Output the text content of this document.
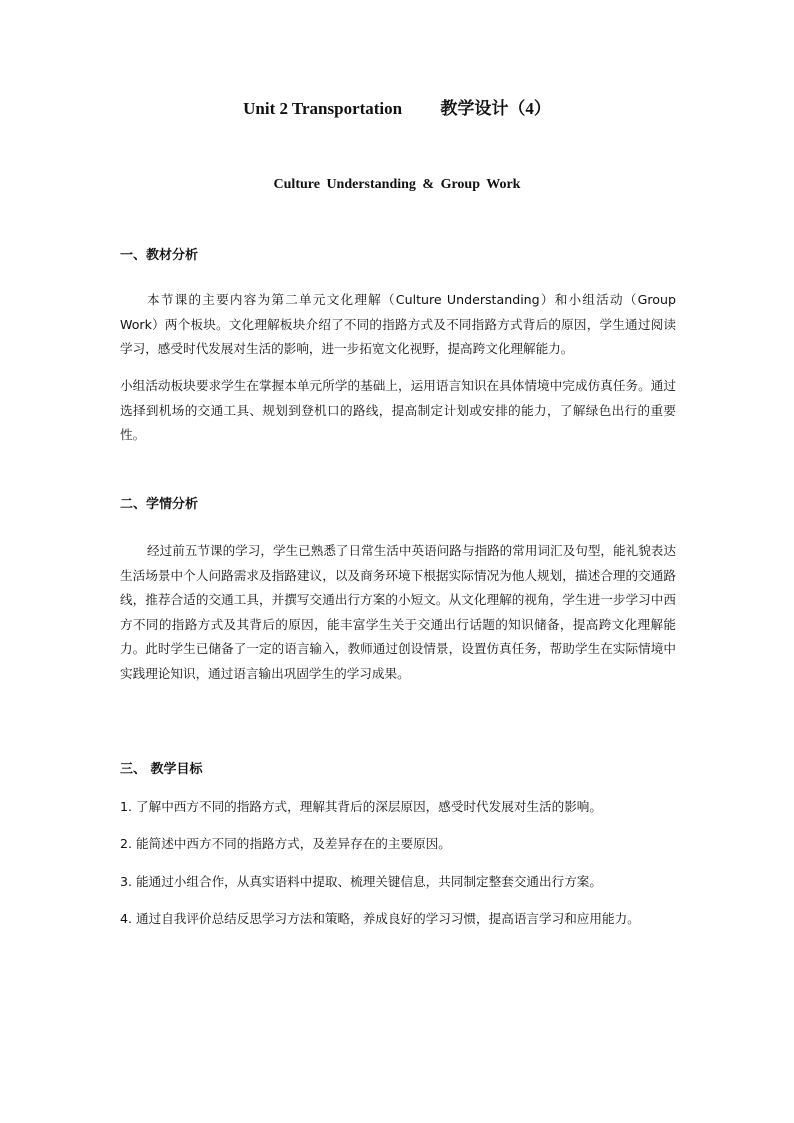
Unit 2 Transportation         教学设计（4）
Culture Understanding & Group Work
一、教材分析
本节课的主要内容为第二单元文化理解（Culture Understanding）和小组活动（Group Work）两个板块。文化理解板块介绍了不同的指路方式及不同指路方式背后的原因，学生通过阅读学习，感受时代发展对生活的影响，进一步拓宽文化视野，提高跨文化理解能力。
小组活动板块要求学生在掌握本单元所学的基础上，运用语言知识在具体情境中完成仿真任务。通过选择到机场的交通工具、规划到登机口的路线，提高制定计划或安排的能力，了解绿色出行的重要性。
二、学情分析
经过前五节课的学习，学生已熟悉了日常生活中英语问路与指路的常用词汇及句型，能礼貌表达生活场景中个人问路需求及指路建议，以及商务环境下根据实际情况为他人规划，描述合理的交通路线，推荐合适的交通工具，并撰写交通出行方案的小短文。从文化理解的视角，学生进一步学习中西方不同的指路方式及其背后的原因，能丰富学生关于交通出行话题的知识储备，提高跨文化理解能力。此时学生已储备了一定的语言输入，教师通过创设情景，设置仿真任务，帮助学生在实际情境中实践理论知识，通过语言输出巩固学生的学习成果。
三、 教学目标
1. 了解中西方不同的指路方式，理解其背后的深层原因，感受时代发展对生活的影响。
2. 能简述中西方不同的指路方式，及差异存在的主要原因。
3. 能通过小组合作，从真实语料中提取、梳理关键信息，共同制定整套交通出行方案。
4. 通过自我评价总结反思学习方法和策略，养成良好的学习习惯，提高语言学习和应用能力。
